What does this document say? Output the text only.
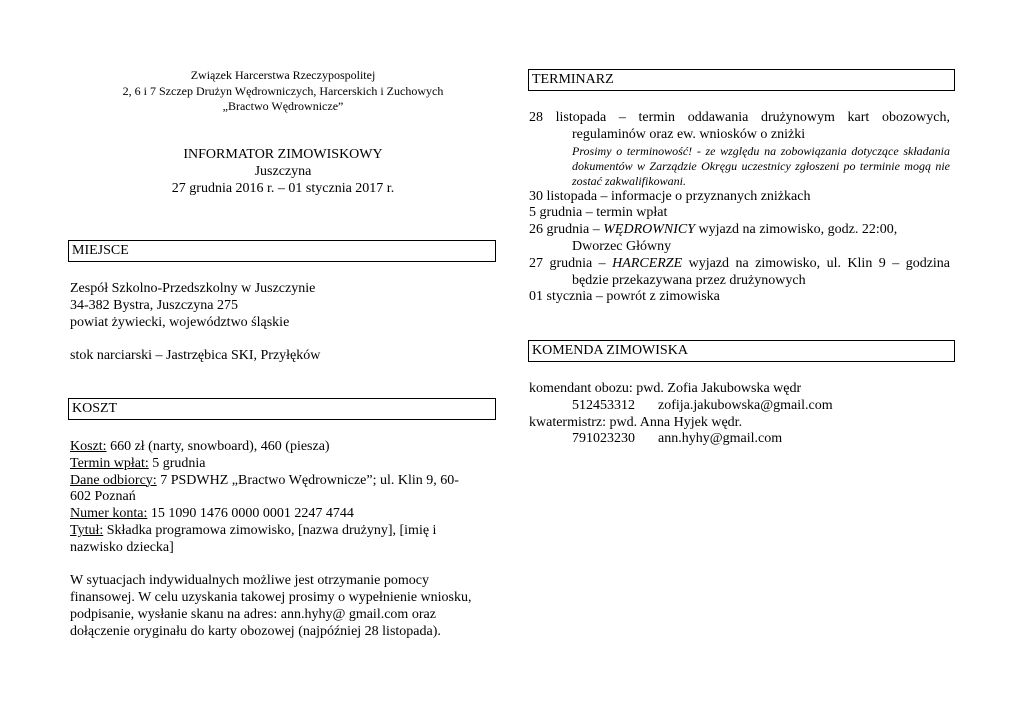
Związek Harcerstwa Rzeczypospolitej
2, 6 i 7 Szczep Drużyn Wędrowniczych, Harcerskich i Zuchowych
„Bractwo Wędrownicze”
INFORMATOR ZIMOWISKOWY
Juszczyna
27 grudnia 2016 r. – 01 stycznia 2017 r.
MIEJSCE
Zespół Szkolno-Przedszkolny w Juszczynie
34-382 Bystra, Juszczyna 275
powiat żywiecki, województwo śląskie
stok narciarski – Jastrzębica SKI, Przyłęków
KOSZT
Koszt: 660 zł (narty, snowboard), 460 (piesza)
Termin wpłat: 5 grudnia
Dane odbiorcy: 7 PSDWHZ „Bractwo Wędrownicze”; ul. Klin 9, 60-
602 Poznań
Numer konta: 15 1090 1476 0000 0001 2247 4744
Tytuł: Składka programowa zimowisko, [nazwa drużyny], [imię i
nazwisko dziecka]
W sytuacjach indywidualnych możliwe jest otrzymanie pomocy
finansowej. W celu uzyskania takowej prosimy o wypełnienie wniosku,
podpisanie, wysłanie skanu na adres: ann.hyhy@ gmail.com oraz
dołączenie oryginału do karty obozowej (najpóźniej 28 listopada).
TERMINARZ
28 listopada – termin oddawania drużynowym kart obozowych,
regulaminów oraz ew. wniosków o zniżki
Prosimy o terminowość! - ze względu na zobowiązania dotyczące składania dokumentów w Zarządzie Okręgu uczestnicy zgłoszeni po terminie mogą nie zostać zakwalifikowani.
30 listopada – informacje o przyznanych zniżkach
5 grudnia – termin wpłat
26 grudnia – WĘDROWNICY wyjazd na zimowisko, godz. 22:00,
Dworzec Główny
27 grudnia – HARCERZE wyjazd na zimowisko, ul. Klin 9 – godzina
będzie przekazywana przez drużynowych
01 stycznia – powrót z zimowiska
KOMENDA ZIMOWISKA
komendant obozu: pwd. Zofia Jakubowska wędr
512453312 zofija.jakubowska@gmail.com
kwatermistrz: pwd. Anna Hyjek wędr.
791023230 ann.hyhy@gmail.com
